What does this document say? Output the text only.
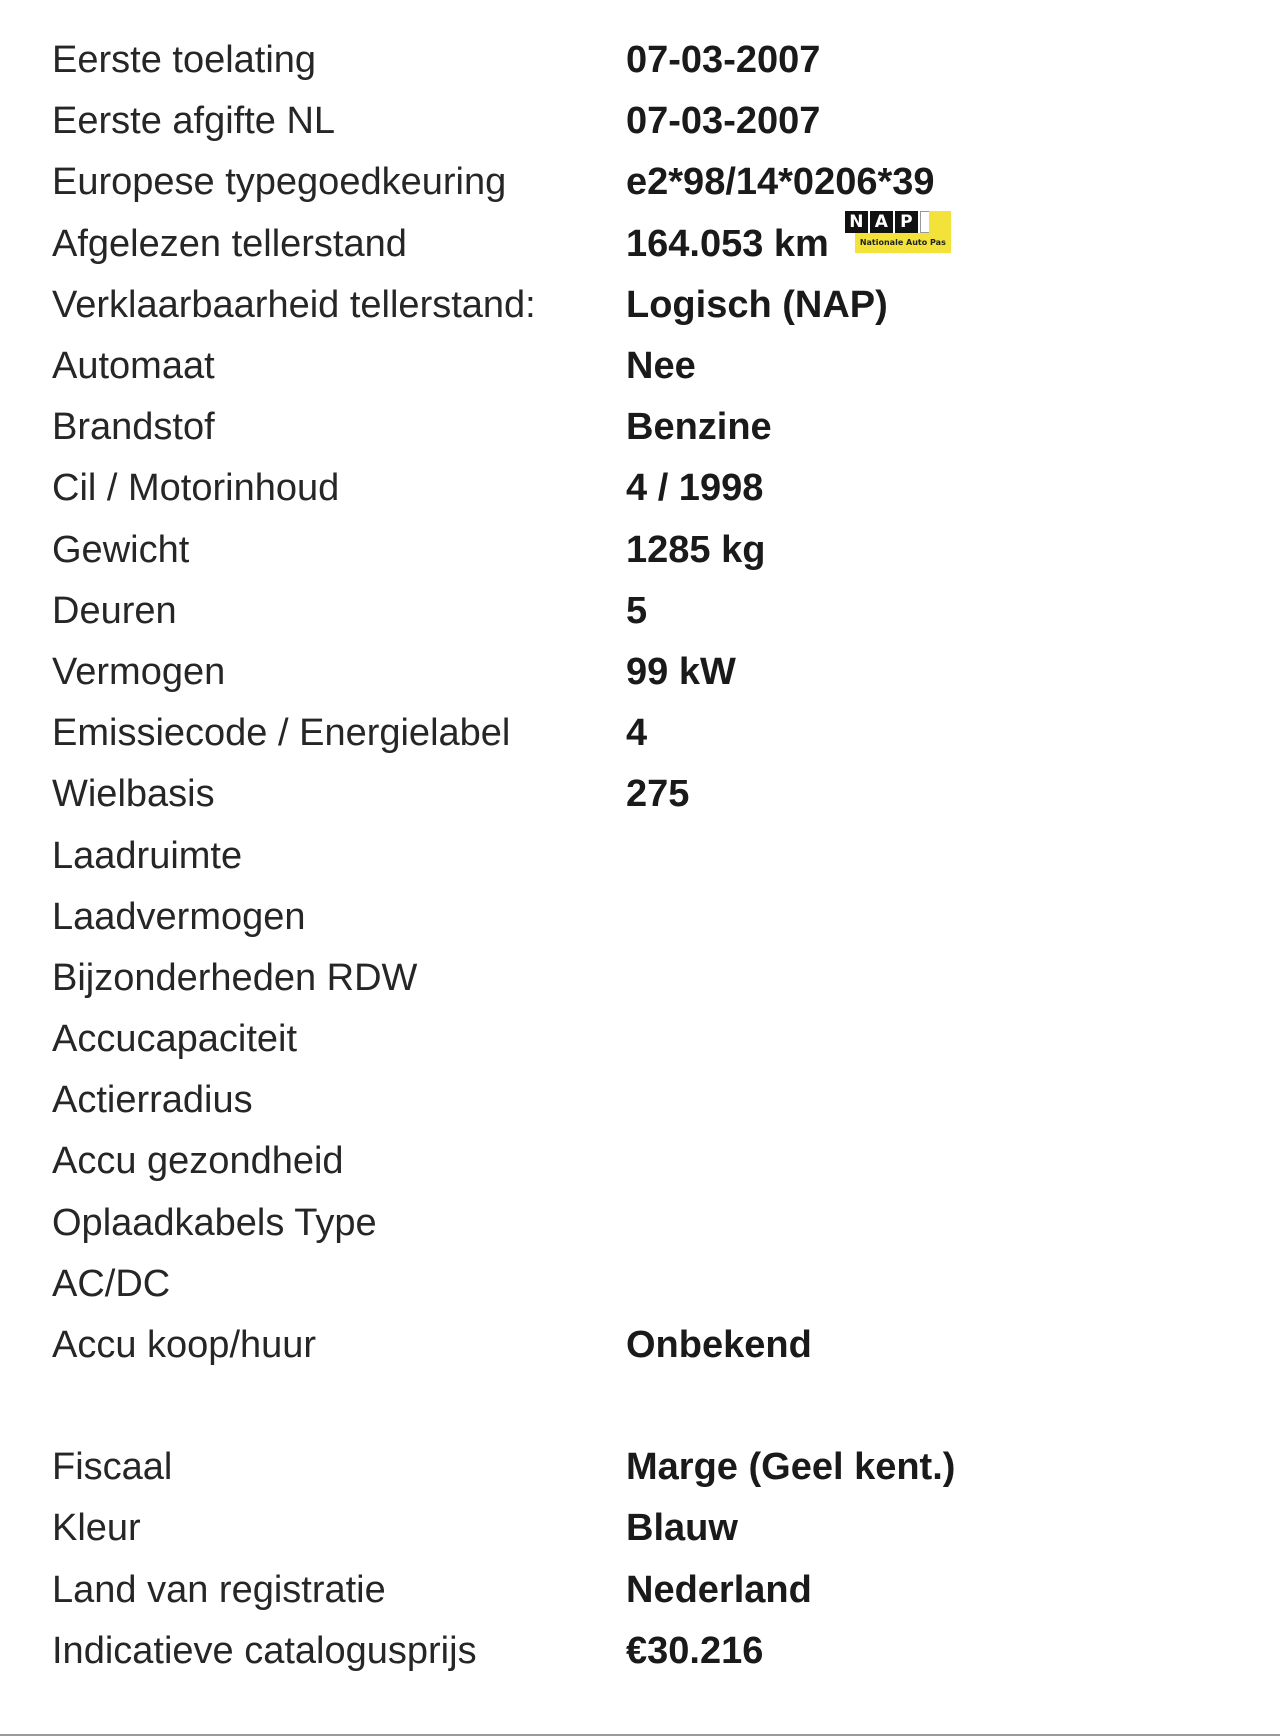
Eerste toelating	07-03-2007
Eerste afgifte NL	07-03-2007
Europese typegoedkeuring	e2*98/14*0206*39
Afgelezen tellerstand	164.053 km
N A P
Nationale Auto Pas
Verklaarbaarheid tellerstand:	Logisch (NAP)
Automaat	Nee
Brandstof	Benzine
Cil / Motorinhoud	4 / 1998
Gewicht	1285 kg
Deuren	5
Vermogen	99 kW
Emissiecode / Energielabel	4
Wielbasis	275
Laadruimte
Laadvermogen
Bijzonderheden RDW
Accucapaciteit
Actierradius
Accu gezondheid
Oplaadkabels Type
AC/DC
Accu koop/huur	Onbekend
Fiscaal	Marge (Geel kent.)
Kleur	Blauw
Land van registratie	Nederland
Indicatieve catalogusprijs	€30.216
